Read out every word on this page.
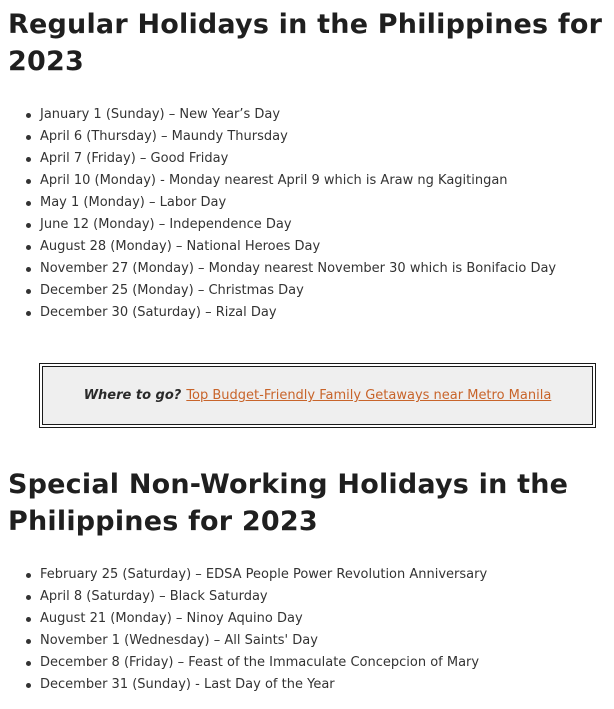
Regular Holidays in the Philippines for 2023
January 1 (Sunday) – New Year’s Day
April 6 (Thursday) – Maundy Thursday
April 7 (Friday) – Good Friday
April 10 (Monday) - Monday nearest April 9 which is Araw ng Kagitingan
May 1 (Monday) – Labor Day
June 12 (Monday) – Independence Day
August 28 (Monday) – National Heroes Day
November 27 (Monday) – Monday nearest November 30 which is Bonifacio Day
December 25 (Monday) – Christmas Day
December 30 (Saturday) – Rizal Day
Where to go? Top Budget-Friendly Family Getaways near Metro Manila
Special Non-Working Holidays in the Philippines for 2023
February 25 (Saturday) – EDSA People Power Revolution Anniversary
April 8 (Saturday) – Black Saturday
August 21 (Monday) – Ninoy Aquino Day
November 1 (Wednesday) – All Saints' Day
December 8 (Friday) – Feast of the Immaculate Concepcion of Mary
December 31 (Sunday) - Last Day of the Year
